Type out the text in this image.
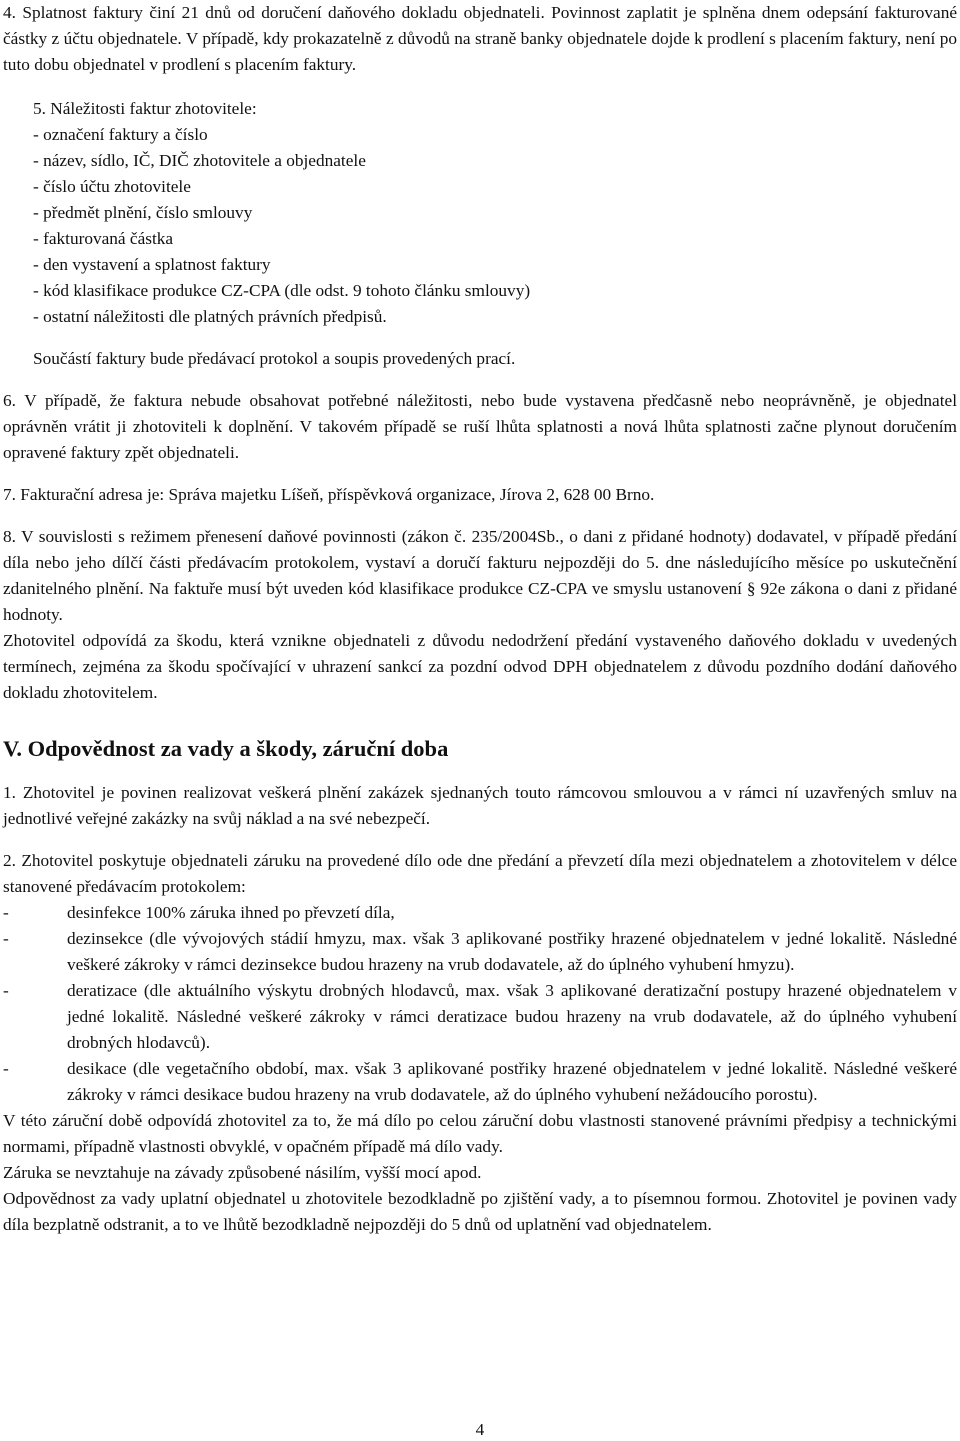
4. Splatnost faktury činí 21 dnů od doručení daňového dokladu objednateli. Povinnost zaplatit je splněna dnem odepsání fakturované částky z účtu objednatele. V případě, kdy prokazatelně z důvodů na straně banky objednatele dojde k prodlení s placením faktury, není po tuto dobu objednatel v prodlení s placením faktury.

5. Náležitosti faktur zhotovitele:
- označení faktury a číslo
- název, sídlo, IČ, DIČ zhotovitele a objednatele
- číslo účtu zhotovitele
- předmět plnění, číslo smlouvy
- fakturovaná částka
- den vystavení a splatnost faktury
- kód klasifikace produkce CZ-CPA (dle odst. 9 tohoto článku smlouvy)
- ostatní náležitosti dle platných právních předpisů.
Součástí faktury bude předávací protokol a soupis provedených prací.

6. V případě, že faktura nebude obsahovat potřebné náležitosti, nebo bude vystavena předčasně nebo neoprávněně, je objednatel oprávněn vrátit ji zhotoviteli k doplnění. V takovém případě se ruší lhůta splatnosti a nová lhůta splatnosti začne plynout doručením opravené faktury zpět objednateli.

7. Fakturační adresa je: Správa majetku Líšeň, příspěvková organizace, Jírova 2, 628 00 Brno.

8. V souvislosti s režimem přenesení daňové povinnosti (zákon č. 235/2004Sb., o dani z přidané hodnoty) dodavatel, v případě předání díla nebo jeho dílčí části předávacím protokolem, vystaví a doručí fakturu nejpozději do 5. dne následujícího měsíce po uskutečnění zdanitelného plnění. Na faktuře musí být uveden kód klasifikace produkce CZ-CPA ve smyslu ustanovení § 92e zákona o dani z přidané hodnoty.

Zhotovitel odpovídá za škodu, která vznikne objednateli z důvodu nedodržení předání vystaveného daňového dokladu v uvedených termínech, zejména za škodu spočívající v uhrazení sankcí za pozdní odvod DPH objednatelem z důvodu pozdního dodání daňového dokladu zhotovitelem.

V. Odpovědnost za vady a škody, záruční doba

1. Zhotovitel je povinen realizovat veškerá plnění zakázek sjednaných touto rámcovou smlouvou a v rámci ní uzavřených smluv na jednotlivé veřejné zakázky na svůj náklad a na své nebezpečí.

2. Zhotovitel poskytuje objednateli záruku na provedené dílo ode dne předání a převzetí díla mezi objednatelem a zhotovitelem v délce stanovené předávacím protokolem:

-	desinfekce 100% záruka ihned po převzetí díla,
-	dezinsekce (dle vývojových stádií hmyzu, max. však 3 aplikované postřiky hrazené objednatelem v jedné lokalitě. Následné veškeré zákroky v rámci dezinsekce budou hrazeny na vrub dodavatele, až do úplného vyhubení hmyzu).
-	deratizace (dle aktuálního výskytu drobných hlodavců, max. však 3 aplikované deratizační postupy hrazené objednatelem v jedné lokalitě. Následné veškeré zákroky v rámci deratizace budou hrazeny na vrub dodavatele, až do úplného vyhubení drobných hlodavců).
-	desikace (dle vegetačního období, max. však 3 aplikované postřiky hrazené objednatelem v jedné lokalitě. Následné veškeré zákroky v rámci desikace budou hrazeny na vrub dodavatele, až do úplného vyhubení nežádoucího porostu).

V této záruční době odpovídá zhotovitel za to, že má dílo po celou záruční dobu vlastnosti stanovené právními předpisy a technickými normami, případně vlastnosti obvyklé, v opačném případě má dílo vady.

Záruka se nevztahuje na závady způsobené násilím, vyšší mocí apod.

Odpovědnost za vady uplatní objednatel u zhotovitele bezodkladně po zjištění vady, a to písemnou formou. Zhotovitel je povinen vady díla bezplatně odstranit, a to ve lhůtě bezodkladně nejpozději do 5 dnů od uplatnění vad objednatelem.

4
